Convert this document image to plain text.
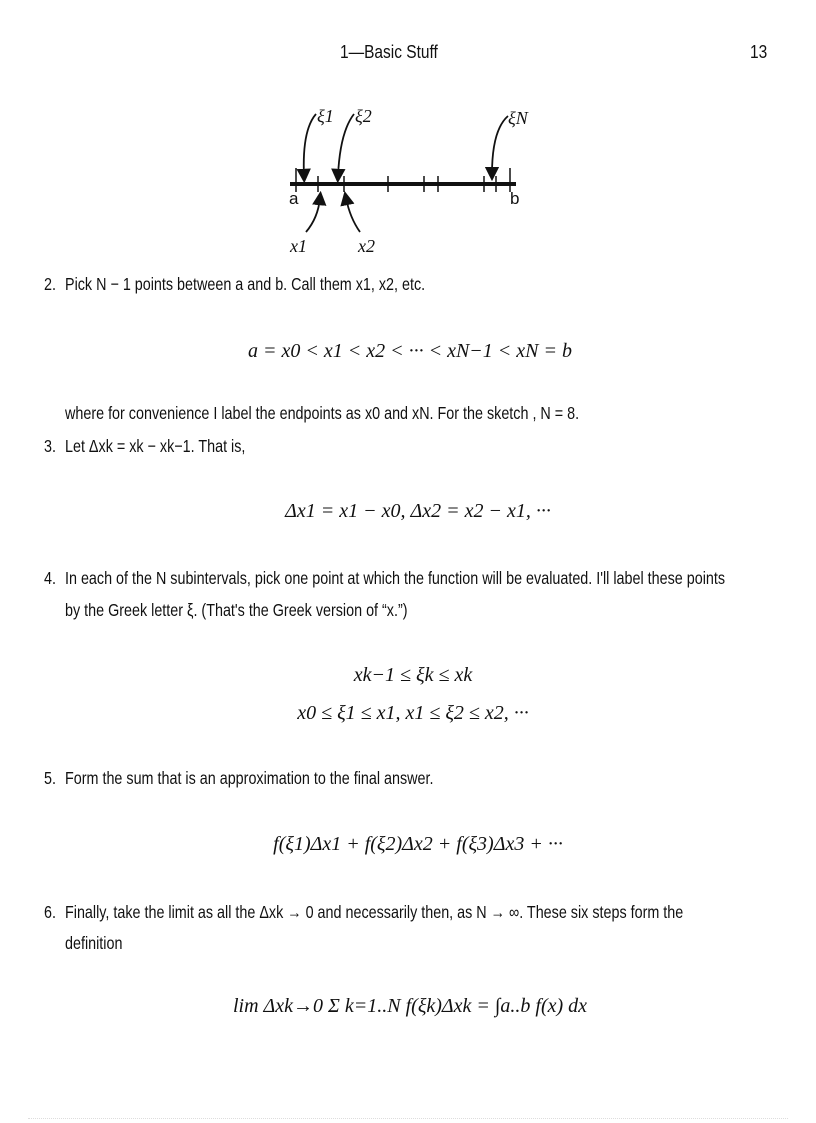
1—Basic Stuff	13
ξ1 ξ2	ξN
a	b
x1	x2
2. Pick N − 1 points between a and b. Call them x1, x2, etc.
a = x0 < x1 < x2 < ··· < xN−1 < xN = b
where for convenience I label the endpoints as x0 and xN. For the sketch , N = 8.
3. Let Δxk = xk − xk−1. That is,
Δx1 = x1 − x0, Δx2 = x2 − x1, ···
4. In each of the N subintervals, pick one point at which the function will be evaluated. I'll label these points
by the Greek letter ξ. (That's the Greek version of “x.”)
xk−1 ≤ ξk ≤ xk
x0 ≤ ξ1 ≤ x1, x1 ≤ ξ2 ≤ x2, ···
5. Form the sum that is an approximation to the final answer.
f(ξ1)Δx1 + f(ξ2)Δx2 + f(ξ3)Δx3 + ···
6. Finally, take the limit as all the Δxk → 0 and necessarily then, as N → ∞. These six steps form the
definition
lim Δxk→0 Σ k=1..N f(ξk)Δxk = ∫a..b f(x) dx
